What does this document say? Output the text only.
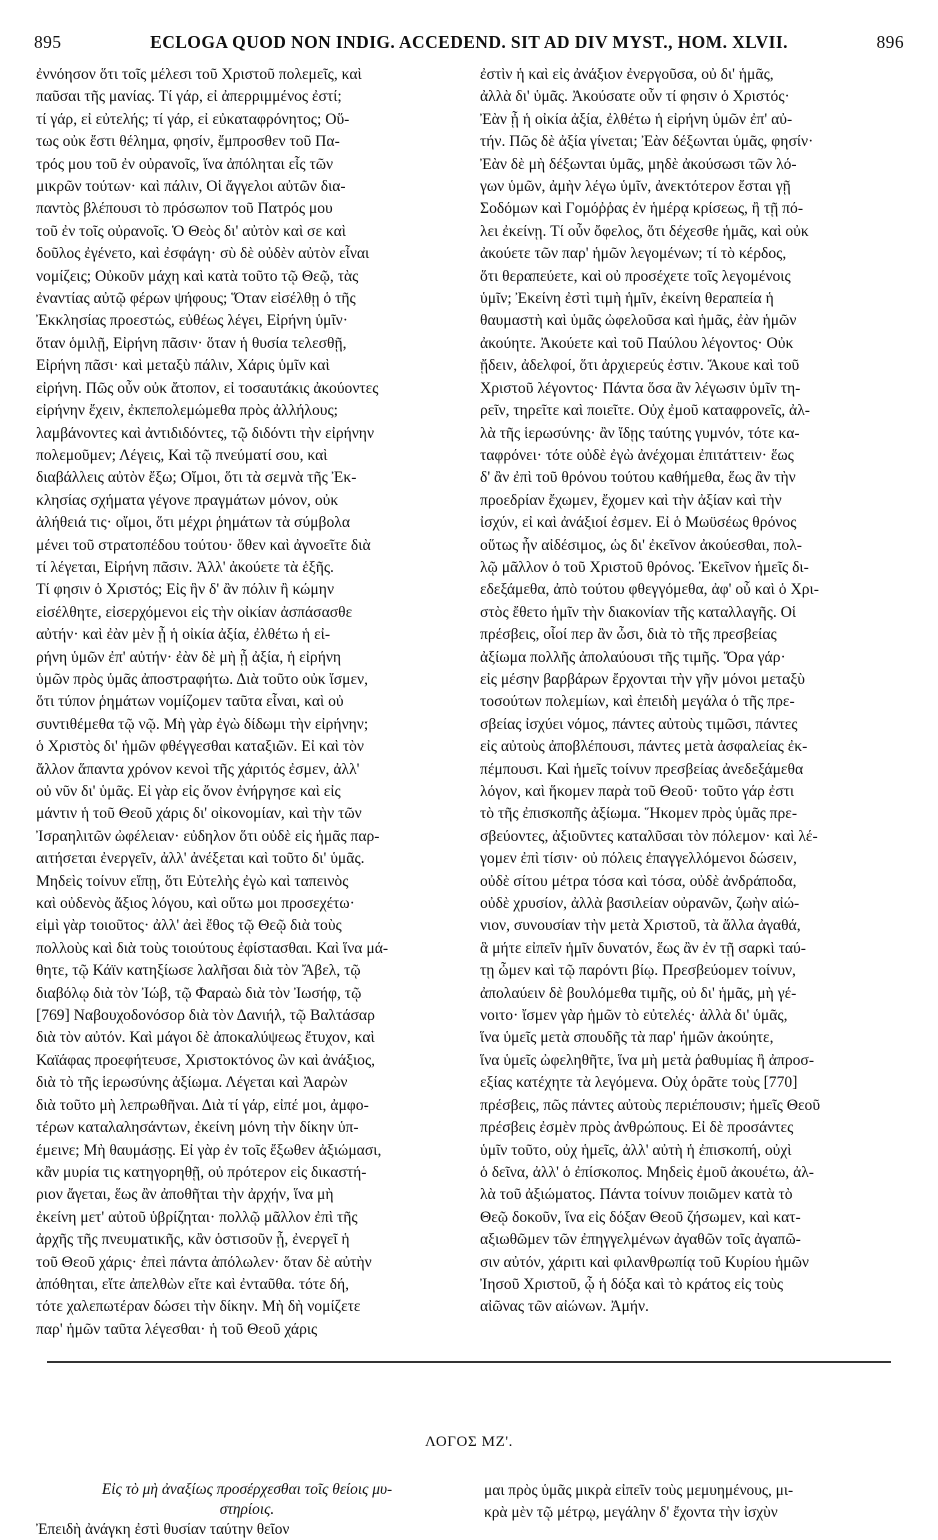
895	ECLOGA QUOD NON INDIG. ACCEDEND. SIT AD DIV MYST., HOM. XLVII.	896
ἐννόησον ὅτι τοῖς μέλεσι τοῦ Χριστοῦ πολεμεῖς, καὶ
παῦσαι τῆς μανίας. Τί γάρ, εἰ ἀπερριμμένος ἐστί;
τί γάρ, εἰ εὐτελής; τί γάρ, εἰ εὐκαταφρόνητος; Οὕ-
τως οὐκ ἔστι θέλημα, φησίν, ἔμπροσθεν τοῦ Πα-
τρός μου τοῦ ἐν οὐρανοῖς, ἵνα ἀπόληται εἷς τῶν
μικρῶν τούτων· καὶ πάλιν, Οἱ ἄγγελοι αὐτῶν δια-
παντὸς βλέπουσι τὸ πρόσωπον τοῦ Πατρός μου
τοῦ ἐν τοῖς οὐρανοῖς. Ὁ Θεὸς δι' αὐτὸν καὶ σε καὶ
δοῦλος ἐγένετο, καὶ ἐσφάγη· σὺ δὲ οὐδὲν αὐτὸν εἶναι
νομίζεις; Οὐκοῦν μάχη καὶ κατὰ τοῦτο τῷ Θεῷ, τὰς
ἐναντίας αὐτῷ φέρων ψήφους; Ὅταν εἰσέλθῃ ὁ τῆς
Ἐκκλησίας προεστώς, εὐθέως λέγει, Εἰρήνη ὑμῖν·
ὅταν ὁμιλῇ, Εἰρήνη πᾶσιν· ὅταν ἡ θυσία τελεσθῇ,
Εἰρήνη πᾶσι· καὶ μεταξὺ πάλιν, Χάρις ὑμῖν καὶ
εἰρήνη. Πῶς οὖν οὐκ ἄτοπον, εἰ τοσαυτάκις ἀκούοντες
εἰρήνην ἔχειν, ἐκπεπολεμώμεθα πρὸς ἀλλήλους;
λαμβάνοντες καὶ ἀντιδιδόντες, τῷ διδόντι τὴν εἰρήνην
πολεμοῦμεν; Λέγεις, Καὶ τῷ πνεύματί σου, καὶ
διαβάλλεις αὐτὸν ἔξω; Οἴμοι, ὅτι τὰ σεμνὰ τῆς Ἐκ-
κλησίας σχήματα γέγονε πραγμάτων μόνον, οὐκ
ἀλήθειά τις· οἴμοι, ὅτι μέχρι ῥημάτων τὰ σύμβολα
μένει τοῦ στρατοπέδου τούτου· ὅθεν καὶ ἀγνοεῖτε διὰ
τί λέγεται, Εἰρήνη πᾶσιν. Ἀλλ' ἀκούετε τὰ ἑξῆς.
Τί φησιν ὁ Χριστός; Εἰς ἣν δ' ἂν πόλιν ἢ κώμην
εἰσέλθητε, εἰσερχόμενοι εἰς τὴν οἰκίαν ἀσπάσασθε
αὐτήν· καὶ ἐὰν μὲν ᾖ ἡ οἰκία ἀξία, ἐλθέτω ἡ εἰ-
ρήνη ὑμῶν ἐπ' αὐτήν· ἐὰν δὲ μὴ ᾖ ἀξία, ἡ εἰρήνη
ὑμῶν πρὸς ὑμᾶς ἀποστραφήτω. Διὰ τοῦτο οὐκ ἴσμεν,
ὅτι τύπον ῥημάτων νομίζομεν ταῦτα εἶναι, καὶ οὐ
συντιθέμεθα τῷ νῷ. Μὴ γὰρ ἐγὼ δίδωμι τὴν εἰρήνην;
ὁ Χριστὸς δι' ἡμῶν φθέγγεσθαι καταξιῶν. Εἰ καὶ τὸν
ἄλλον ἅπαντα χρόνον κενοὶ τῆς χάριτός ἐσμεν, ἀλλ'
οὐ νῦν δι' ὑμᾶς. Εἰ γὰρ εἰς ὄνον ἐνήργησε καὶ εἰς
μάντιν ἡ τοῦ Θεοῦ χάρις δι' οἰκονομίαν, καὶ τὴν τῶν
Ἰσραηλιτῶν ὠφέλειαν· εὐδηλον ὅτι οὐδὲ εἰς ἡμᾶς παρ-
αιτήσεται ἐνεργεῖν, ἀλλ' ἀνέξεται καὶ τοῦτο δι' ὑμᾶς.
Μηδεὶς τοίνυν εἴπῃ, ὅτι Εὐτελὴς ἐγὼ καὶ ταπεινὸς
καὶ οὐδενὸς ἄξιος λόγου, καὶ οὕτω μοι προσεχέτω·
εἰμὶ γὰρ τοιοῦτος· ἀλλ' ἀεὶ ἔθος τῷ Θεῷ διὰ τοὺς
πολλοὺς καὶ διὰ τοὺς τοιούτους ἐφίστασθαι. Καὶ ἵνα μά-
θητε, τῷ Κάϊν κατηξίωσε λαλῆσαι διὰ τὸν Ἄβελ, τῷ
διαβόλῳ διὰ τὸν Ἰώβ, τῷ Φαραὼ διὰ τὸν Ἰωσήφ, τῷ
[769] Ναβουχοδονόσορ διὰ τὸν Δανιήλ, τῷ Βαλτάσαρ
διὰ τὸν αὐτόν. Καὶ μάγοι δὲ ἀποκαλύψεως ἔτυχον, καὶ
Καϊάφας προεφήτευσε, Χριστοκτόνος ὢν καὶ ἀνάξιος,
διὰ τὸ τῆς ἱερωσύνης ἀξίωμα. Λέγεται καὶ Ἀαρὼν
διὰ τοῦτο μὴ λεπρωθῆναι. Διὰ τί γάρ, εἰπέ μοι, ἀμφο-
τέρων καταλαλησάντων, ἐκείνη μόνη τὴν δίκην ὑπ-
έμεινε; Μὴ θαυμάσῃς. Εἰ γὰρ ἐν τοῖς ἔξωθεν ἀξιώμασι,
κἂν μυρία τις κατηγορηθῇ, οὐ πρότερον εἰς δικαστή-
ριον ἄγεται, ἕως ἂν ἀποθῆται τὴν ἀρχήν, ἵνα μὴ
ἐκείνη μετ' αὐτοῦ ὑβρίζηται· πολλῷ μᾶλλον ἐπὶ τῆς
ἀρχῆς τῆς πνευματικῆς, κἂν ὁστισοῦν ᾖ, ἐνεργεῖ ἡ
τοῦ Θεοῦ χάρις· ἐπεὶ πάντα ἀπόλωλεν· ὅταν δὲ αὐτὴν
ἀπόθηται, εἴτε ἀπελθὼν εἴτε καὶ ἐνταῦθα. τότε δή,
τότε χαλεπωτέραν δώσει τὴν δίκην. Μὴ δὴ νομίζετε
παρ' ἡμῶν ταῦτα λέγεσθαι· ἡ τοῦ Θεοῦ χάρις
ἐστὶν ἡ καὶ εἰς ἀνάξιον ἐνεργοῦσα, οὐ δι' ἡμᾶς,
ἀλλὰ δι' ὑμᾶς. Ἀκούσατε οὖν τί φησιν ὁ Χριστός·
Ἐὰν ᾖ ἡ οἰκία ἀξία, ἐλθέτω ἡ εἰρήνη ὑμῶν ἐπ' αὐ-
τήν. Πῶς δὲ ἀξία γίνεται; Ἐὰν δέξωνται ὑμᾶς, φησίν·
Ἐὰν δὲ μὴ δέξωνται ὑμᾶς, μηδὲ ἀκούσωσι τῶν λό-
γων ὑμῶν, ἀμὴν λέγω ὑμῖν, ἀνεκτότερον ἔσται γῇ
Σοδόμων καὶ Γομόῤῥας ἐν ἡμέρᾳ κρίσεως, ἢ τῇ πό-
λει ἐκείνῃ. Τί οὖν ὄφελος, ὅτι δέχεσθε ἡμᾶς, καὶ οὐκ
ἀκούετε τῶν παρ' ἡμῶν λεγομένων; τί τὸ κέρδος,
ὅτι θεραπεύετε, καὶ οὐ προσέχετε τοῖς λεγομένοις
ὑμῖν; Ἐκείνη ἐστὶ τιμὴ ἡμῖν, ἐκείνη θεραπεία ἡ
θαυμαστὴ καὶ ὑμᾶς ὠφελοῦσα καὶ ἡμᾶς, ἐὰν ἡμῶν
ἀκούητε. Ἀκούετε καὶ τοῦ Παύλου λέγοντος· Οὐκ
ᾔδειν, ἀδελφοί, ὅτι ἀρχιερεύς ἐστιν. Ἄκουε καὶ τοῦ
Χριστοῦ λέγοντος· Πάντα ὅσα ἂν λέγωσιν ὑμῖν τη-
ρεῖν, τηρεῖτε καὶ ποιεῖτε. Οὐχ ἐμοῦ καταφρονεῖς, ἀλ-
λὰ τῆς ἱερωσύνης· ἂν ἴδῃς ταύτης γυμνόν, τότε κα-
ταφρόνει· τότε οὐδὲ ἐγὼ ἀνέχομαι ἐπιτάττειν· ἕως
δ' ἂν ἐπὶ τοῦ θρόνου τούτου καθήμεθα, ἕως ἂν τὴν
προεδρίαν ἔχωμεν, ἔχομεν καὶ τὴν ἀξίαν καὶ τὴν
ἰσχύν, εἰ καὶ ἀνάξιοί ἐσμεν. Εἰ ὁ Μωϋσέως θρόνος
οὕτως ἦν αἰδέσιμος, ὡς δι' ἐκεῖνον ἀκούεσθαι, πολ-
λῷ μᾶλλον ὁ τοῦ Χριστοῦ θρόνος. Ἐκεῖνον ἡμεῖς δι-
εδεξάμεθα, ἀπὸ τούτου φθεγγόμεθα, ἀφ' οὗ καὶ ὁ Χρι-
στὸς ἔθετο ἡμῖν τὴν διακονίαν τῆς καταλλαγῆς. Οἱ
πρέσβεις, οἷοί περ ἂν ὦσι, διὰ τὸ τῆς πρεσβείας
ἀξίωμα πολλῆς ἀπολαύουσι τῆς τιμῆς. Ὅρα γάρ·
εἰς μέσην βαρβάρων ἔρχονται τὴν γῆν μόνοι μεταξὺ
τοσούτων πολεμίων, καὶ ἐπειδὴ μεγάλα ὁ τῆς πρε-
σβείας ἰσχύει νόμος, πάντες αὐτοὺς τιμῶσι, πάντες
εἰς αὐτοὺς ἀποβλέπουσι, πάντες μετὰ ἀσφαλείας ἐκ-
πέμπουσι. Καὶ ἡμεῖς τοίνυν πρεσβείας ἀνεδεξάμεθα
λόγον, καὶ ἥκομεν παρὰ τοῦ Θεοῦ· τοῦτο γάρ ἐστι
τὸ τῆς ἐπισκοπῆς ἀξίωμα. Ἥκομεν πρὸς ὑμᾶς πρε-
σβεύοντες, ἀξιοῦντες καταλῦσαι τὸν πόλεμον· καὶ λέ-
γομεν ἐπὶ τίσιν· οὐ πόλεις ἐπαγγελλόμενοι δώσειν,
οὐδὲ σίτου μέτρα τόσα καὶ τόσα, οὐδὲ ἀνδράποδα,
οὐδὲ χρυσίον, ἀλλὰ βασιλείαν οὐρανῶν, ζωὴν αἰώ-
νιον, συνουσίαν τὴν μετὰ Χριστοῦ, τὰ ἄλλα ἀγαθά,
ἃ μήτε εἰπεῖν ἡμῖν δυνατόν, ἕως ἂν ἐν τῇ σαρκὶ ταύ-
τῃ ὦμεν καὶ τῷ παρόντι βίῳ. Πρεσβεύομεν τοίνυν,
ἀπολαύειν δὲ βουλόμεθα τιμῆς, οὐ δι' ἡμᾶς, μὴ γέ-
νοιτο· ἴσμεν γὰρ ἡμῶν τὸ εὐτελές· ἀλλὰ δι' ὑμᾶς,
ἵνα ὑμεῖς μετὰ σπουδῆς τὰ παρ' ἡμῶν ἀκούητε,
ἵνα ὑμεῖς ὠφεληθῆτε, ἵνα μὴ μετὰ ῥαθυμίας ἢ ἀπροσ-
εξίας κατέχητε τὰ λεγόμενα. Οὐχ ὁρᾶτε τοὺς [770]
πρέσβεις, πῶς πάντες αὐτοὺς περιέπουσιν; ἡμεῖς Θεοῦ
πρέσβεις ἐσμὲν πρὸς ἀνθρώπους. Εἰ δὲ προσάντες
ὑμῖν τοῦτο, οὐχ ἡμεῖς, ἀλλ' αὐτὴ ἡ ἐπισκοπή, οὐχὶ
ὁ δεῖνα, ἀλλ' ὁ ἐπίσκοπος. Μηδεὶς ἐμοῦ ἀκουέτω, ἀλ-
λὰ τοῦ ἀξιώματος. Πάντα τοίνυν ποιῶμεν κατὰ τὸ
Θεῷ δοκοῦν, ἵνα εἰς δόξαν Θεοῦ ζήσωμεν, καὶ κατ-
αξιωθῶμεν τῶν ἐπηγγελμένων ἀγαθῶν τοῖς ἀγαπῶ-
σιν αὐτόν, χάριτι καὶ φιλανθρωπίᾳ τοῦ Κυρίου ἡμῶν
Ἰησοῦ Χριστοῦ, ᾧ ἡ δόξα καὶ τὸ κράτος εἰς τοὺς
αἰῶνας τῶν αἰώνων. Ἀμήν.
ΛΟΓΟΣ ΜΖ'.
Εἰς τὸ μὴ ἀναξίως προσέρχεσθαι τοῖς θείοις μυ-
στηρίοις.
Ἐπειδὴ ἀνάγκη ἐστὶ θυσίαν ταύτην θεῖον
μαι πρὸς ὑμᾶς μικρὰ εἰπεῖν τοὺς μεμυημένους, μι-
κρὰ μὲν τῷ μέτρῳ, μεγάλην δ' ἔχοντα τὴν ἰσχὺν
